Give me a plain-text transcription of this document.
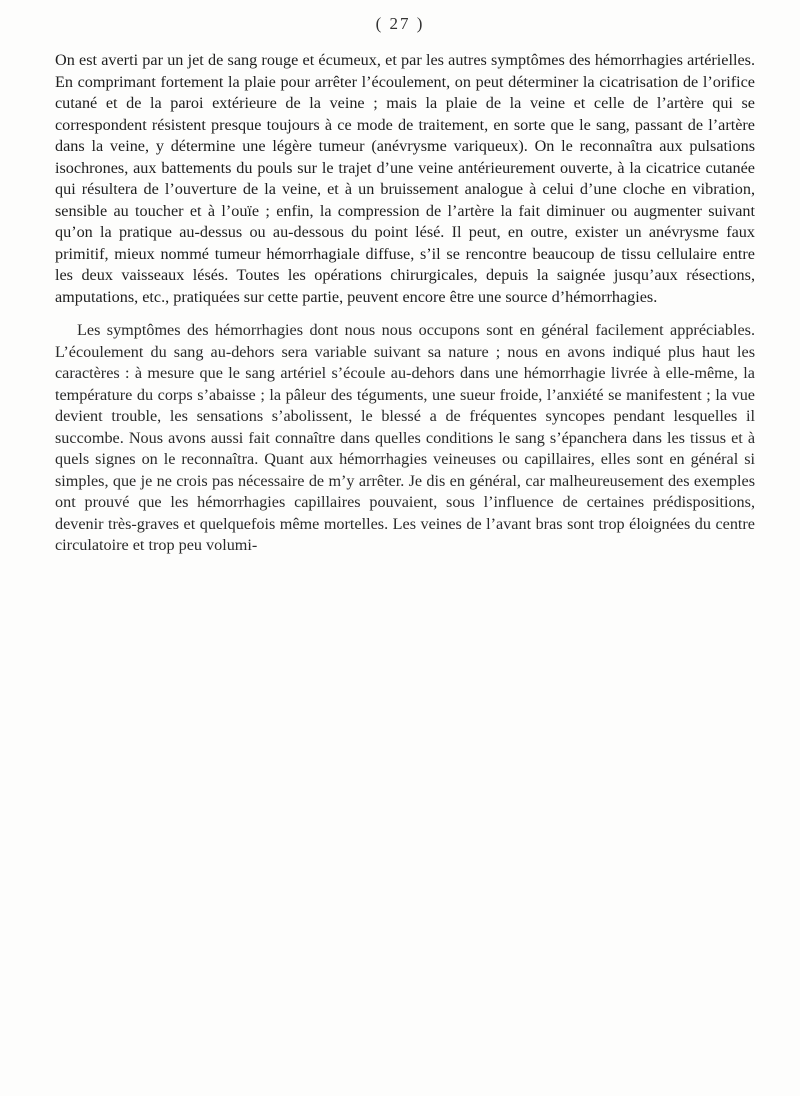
( 27 )

On est averti par un jet de sang rouge et écumeux, et par les autres symptômes des hémorrhagies artérielles. En comprimant fortement la plaie pour arrêter l’écoulement, on peut déterminer la cicatrisation de l’orifice cutané et de la paroi extérieure de la veine ; mais la plaie de la veine et celle de l’artère qui se correspondent résistent presque toujours à ce mode de traitement, en sorte que le sang, passant de l’artère dans la veine, y détermine une légère tumeur (anévrysme variqueux). On le reconnaîtra aux pulsations isochrones, aux battements du pouls sur le trajet d’une veine antérieurement ouverte, à la cicatrice cutanée qui résultera de l’ouverture de la veine, et à un bruissement analogue à celui d’une cloche en vibration, sensible au toucher et à l’ouïe ; enfin, la compression de l’artère la fait diminuer ou augmenter suivant qu’on la pratique au-dessus ou au-dessous du point lésé. Il peut, en outre, exister un anévrysme faux primitif, mieux nommé tumeur hémorrhagiale diffuse, s’il se rencontre beaucoup de tissu cellulaire entre les deux vaisseaux lésés. Toutes les opérations chirurgicales, depuis la saignée jusqu’aux résections, amputations, etc., pratiquées sur cette partie, peuvent encore être une source d’hémorrhagies.

Les symptômes des hémorrhagies dont nous nous occupons sont en général facilement appréciables. L’écoulement du sang au-dehors sera variable suivant sa nature ; nous en avons indiqué plus haut les caractères : à mesure que le sang artériel s’écoule au-dehors dans une hémorrhagie livrée à elle-même, la température du corps s’abaisse ; la pâleur des téguments, une sueur froide, l’anxiété se manifestent ; la vue devient trouble, les sensations s’abolissent, le blessé a de fréquentes syncopes pendant lesquelles il succombe. Nous avons aussi fait connaître dans quelles conditions le sang s’épanchera dans les tissus et à quels signes on le reconnaîtra. Quant aux hémorrhagies veineuses ou capillaires, elles sont en général si simples, que je ne crois pas nécessaire de m’y arrêter. Je dis en général, car malheureusement des exemples ont prouvé que les hémorrhagies capillaires pouvaient, sous l’influence de certaines prédispositions, devenir très-graves et quelquefois même mortelles. Les veines de l’avant bras sont trop éloignées du centre circulatoire et trop peu volumi-
